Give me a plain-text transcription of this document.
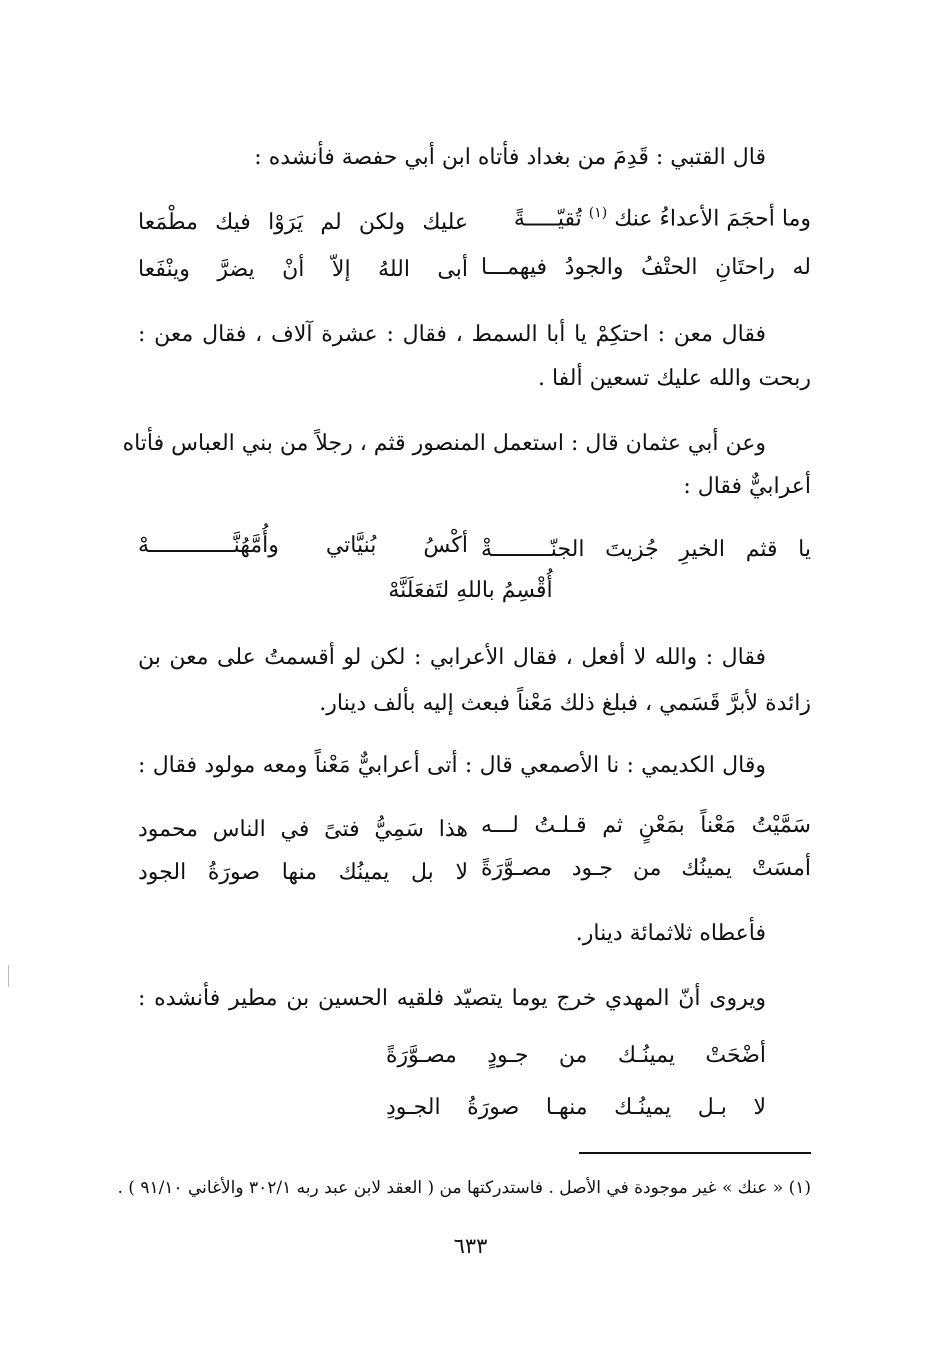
قال القتبي : قَدِمَ من بغداد فأتاه ابن أبي حفصة فأنشده :
وما أحجَمَ الأعداءُ عنك $^{(١)}$ تُقيّـــــةً
عليك ولكن لم يَرَوْا فيك مطْمَعا
له راحتَانِ الحتْفُ والجودُ فيهمـــا
أبى اللهُ إلاّ أنْ يضرَّ وينْفَعا
فقال معن : احتكِمْ يا أبا السمط ، فقال : عشرة آلاف ، فقال معن :
ربحت والله عليك تسعين ألفا .
وعن أبي عثمان قال : استعمل المنصور قثم ، رجلاً من بني العباس فأتاه
أعرابيٌّ فقال :
يا قثم الخيرِ جُزيتَ الجنّـــــــــةْ
أكْسُ بُنيَّاتي وأُمَّهُنَّـــــــــــــهْ
أُقْسِمُ باللهِ لتَفعَلَنَّهْ
فقال : والله لا أفعل ، فقال الأعرابي : لكن لو أقسمتُ على معن بن
زائدة لأبرَّ قَسَمي ، فبلغ ذلك مَعْناً فبعث إليه بألف دينار.
وقال الكديمي : نا الأصمعي قال : أتى أعرابيٌّ مَعْناً ومعه مولود فقال :
سَمَّيْتُ مَعْناً بمَعْنٍ ثم قـلـتُ لـــه
هذا سَمِيُّ فتىً في الناس محمود
أمسَتْ يمينُك من جـود مصـوَّرَةً
لا بل يمينُك منها صورَةُ الجود
فأعطاه ثلاثمائة دينار.
ويروى أنّ المهدي خرج يوما يتصيّد فلقيه الحسين بن مطير فأنشده :
أضْحَتْ يمينُـك من جـودٍ مصـوَّرَةً
لا بـل يمينُـك منهـا صورَةُ الجـودِ
(١) « عنك » غير موجودة في الأصل . فاستدركتها من ( العقد لابن عبد ربه ٣٠٢/١ والأغاني ٩١/١٠ ) .
٦٣٣
